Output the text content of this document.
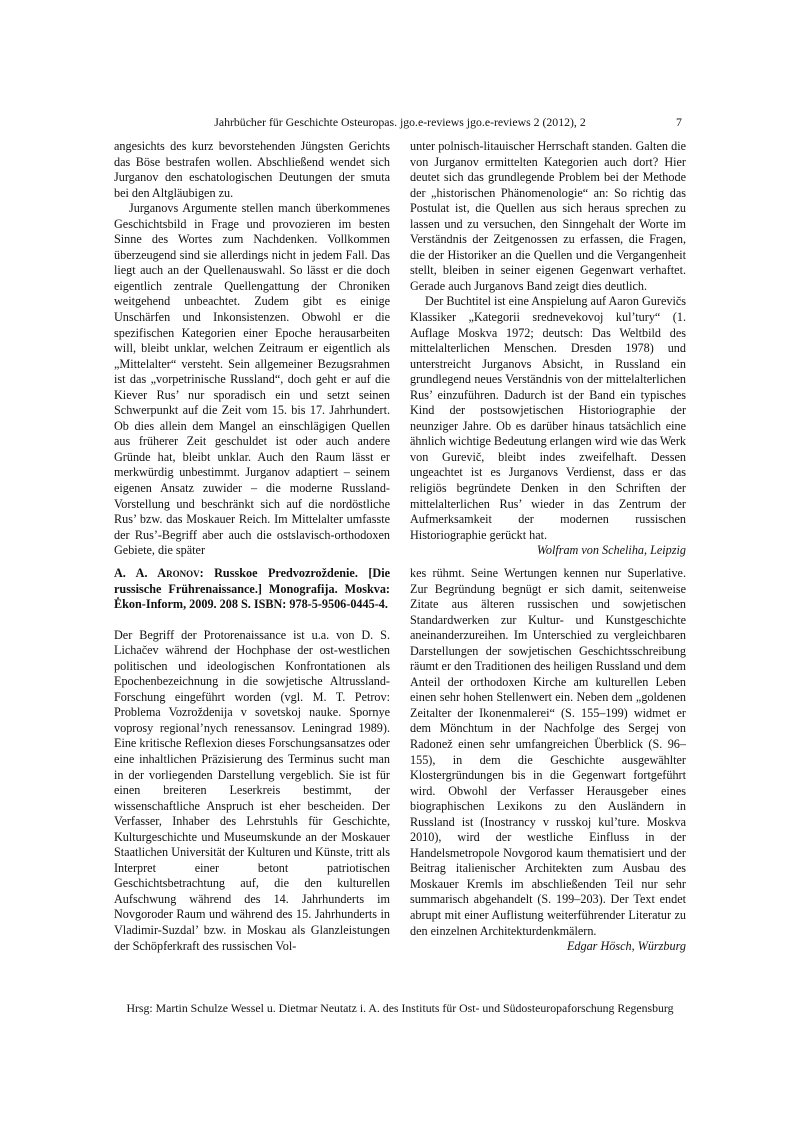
Jahrbücher für Geschichte Osteuropas. jgo.e-reviews jgo.e-reviews 2 (2012), 2	7

angesichts des kurz bevorstehenden Jüngsten Gerichts das Böse bestrafen wollen. Abschließend wendet sich Jurganov den eschatologischen Deutungen der smuta bei den Altgläubigen zu.

Jurganovs Argumente stellen manch überkommenes Geschichtsbild in Frage und provozieren im besten Sinne des Wortes zum Nachdenken. Vollkommen überzeugend sind sie allerdings nicht in jedem Fall. Das liegt auch an der Quellenauswahl. So lässt er die doch eigentlich zentrale Quellengattung der Chroniken weitgehend unbeachtet. Zudem gibt es einige Unschärfen und Inkonsistenzen. Obwohl er die spezifischen Kategorien einer Epoche herausarbeiten will, bleibt unklar, welchen Zeitraum er eigentlich als „Mittelalter“ versteht. Sein allgemeiner Bezugsrahmen ist das „vorpetrinische Russland“, doch geht er auf die Kiever Rus’ nur sporadisch ein und setzt seinen Schwerpunkt auf die Zeit vom 15. bis 17. Jahrhundert. Ob dies allein dem Mangel an einschlägigen Quellen aus früherer Zeit geschuldet ist oder auch andere Gründe hat, bleibt unklar. Auch den Raum lässt er merkwürdig unbestimmt. Jurganov adaptiert – seinem eigenen Ansatz zuwider – die moderne Russland-Vorstellung und beschränkt sich auf die nordöstliche Rus’ bzw. das Moskauer Reich. Im Mittelalter umfasste der Rus’-Begriff aber auch die ostslavisch-orthodoxen Gebiete, die später

unter polnisch-litauischer Herrschaft standen. Galten die von Jurganov ermittelten Kategorien auch dort? Hier deutet sich das grundlegende Problem bei der Methode der „historischen Phänomenologie“ an: So richtig das Postulat ist, die Quellen aus sich heraus sprechen zu lassen und zu versuchen, den Sinngehalt der Worte im Verständnis der Zeitgenossen zu erfassen, die Fragen, die der Historiker an die Quellen und die Vergangenheit stellt, bleiben in seiner eigenen Gegenwart verhaftet. Gerade auch Jurganovs Band zeigt dies deutlich.

Der Buchtitel ist eine Anspielung auf Aaron Gurevičs Klassiker „Kategorii srednevekovoj kul’tury“ (1. Auflage Moskva 1972; deutsch: Das Weltbild des mittelalterlichen Menschen. Dresden 1978) und unterstreicht Jurganovs Absicht, in Russland ein grundlegend neues Verständnis von der mittelalterlichen Rus’ einzuführen. Dadurch ist der Band ein typisches Kind der postsowjetischen Historiographie der neunziger Jahre. Ob es darüber hinaus tatsächlich eine ähnlich wichtige Bedeutung erlangen wird wie das Werk von Gurevič, bleibt indes zweifelhaft. Dessen ungeachtet ist es Jurganovs Verdienst, dass er das religiös begründete Denken in den Schriften der mittelalterlichen Rus’ wieder in das Zentrum der Aufmerksamkeit der modernen russischen Historiographie gerückt hat.

Wolfram von Scheliha, Leipzig

A. A. Aronov: Russkoe Predvozroždenie. [Die russische Frührenaissance.] Monografija. Moskva: Ėkon-Inform, 2009. 208 S. ISBN: 978-5-9506-0445-4.

Der Begriff der Protorenaissance ist u.a. von D. S. Lichačev während der Hochphase der ost-westlichen politischen und ideologischen Konfrontationen als Epochenbezeichnung in die sowjetische Altrussland-Forschung eingeführt worden (vgl. M. T. Petrov: Problema Vozroždenija v sovetskoj nauke. Spornye voprosy regional’nych renessansov. Leningrad 1989). Eine kritische Reflexion dieses Forschungsansatzes oder eine inhaltlichen Präzisierung des Terminus sucht man in der vorliegenden Darstellung vergeblich. Sie ist für einen breiteren Leserkreis bestimmt, der wissenschaftliche Anspruch ist eher bescheiden. Der Verfasser, Inhaber des Lehrstuhls für Geschichte, Kulturgeschichte und Museumskunde an der Moskauer Staatlichen Universität der Kulturen und Künste, tritt als Interpret einer betont patriotischen Geschichtsbetrachtung auf, die den kulturellen Aufschwung während des 14. Jahrhunderts im Novgoroder Raum und während des 15. Jahrhunderts in Vladimir-Suzdal’ bzw. in Moskau als Glanzleistungen der Schöpferkraft des russischen Vol-

kes rühmt. Seine Wertungen kennen nur Superlative. Zur Begründung begnügt er sich damit, seitenweise Zitate aus älteren russischen und sowjetischen Standardwerken zur Kultur- und Kunstgeschichte aneinanderzureihen. Im Unterschied zu vergleichbaren Darstellungen der sowjetischen Geschichtsschreibung räumt er den Traditionen des heiligen Russland und dem Anteil der orthodoxen Kirche am kulturellen Leben einen sehr hohen Stellenwert ein. Neben dem „goldenen Zeitalter der Ikonenmalerei“ (S. 155–199) widmet er dem Mönchtum in der Nachfolge des Sergej von Radonež einen sehr umfangreichen Überblick (S. 96–155), in dem die Geschichte ausgewählter Klostergründungen bis in die Gegenwart fortgeführt wird. Obwohl der Verfasser Herausgeber eines biographischen Lexikons zu den Ausländern in Russland ist (Inostrancy v russkoj kul’ture. Moskva 2010), wird der westliche Einfluss in der Handelsmetropole Novgorod kaum thematisiert und der Beitrag italienischer Architekten zum Ausbau des Moskauer Kremls im abschließenden Teil nur sehr summarisch abgehandelt (S. 199–203). Der Text endet abrupt mit einer Auflistung weiterführender Literatur zu den einzelnen Architekturdenkmälern.

Edgar Hösch, Würzburg

Hrsg: Martin Schulze Wessel u. Dietmar Neutatz i. A. des Instituts für Ost- und Südosteuropaforschung Regensburg
